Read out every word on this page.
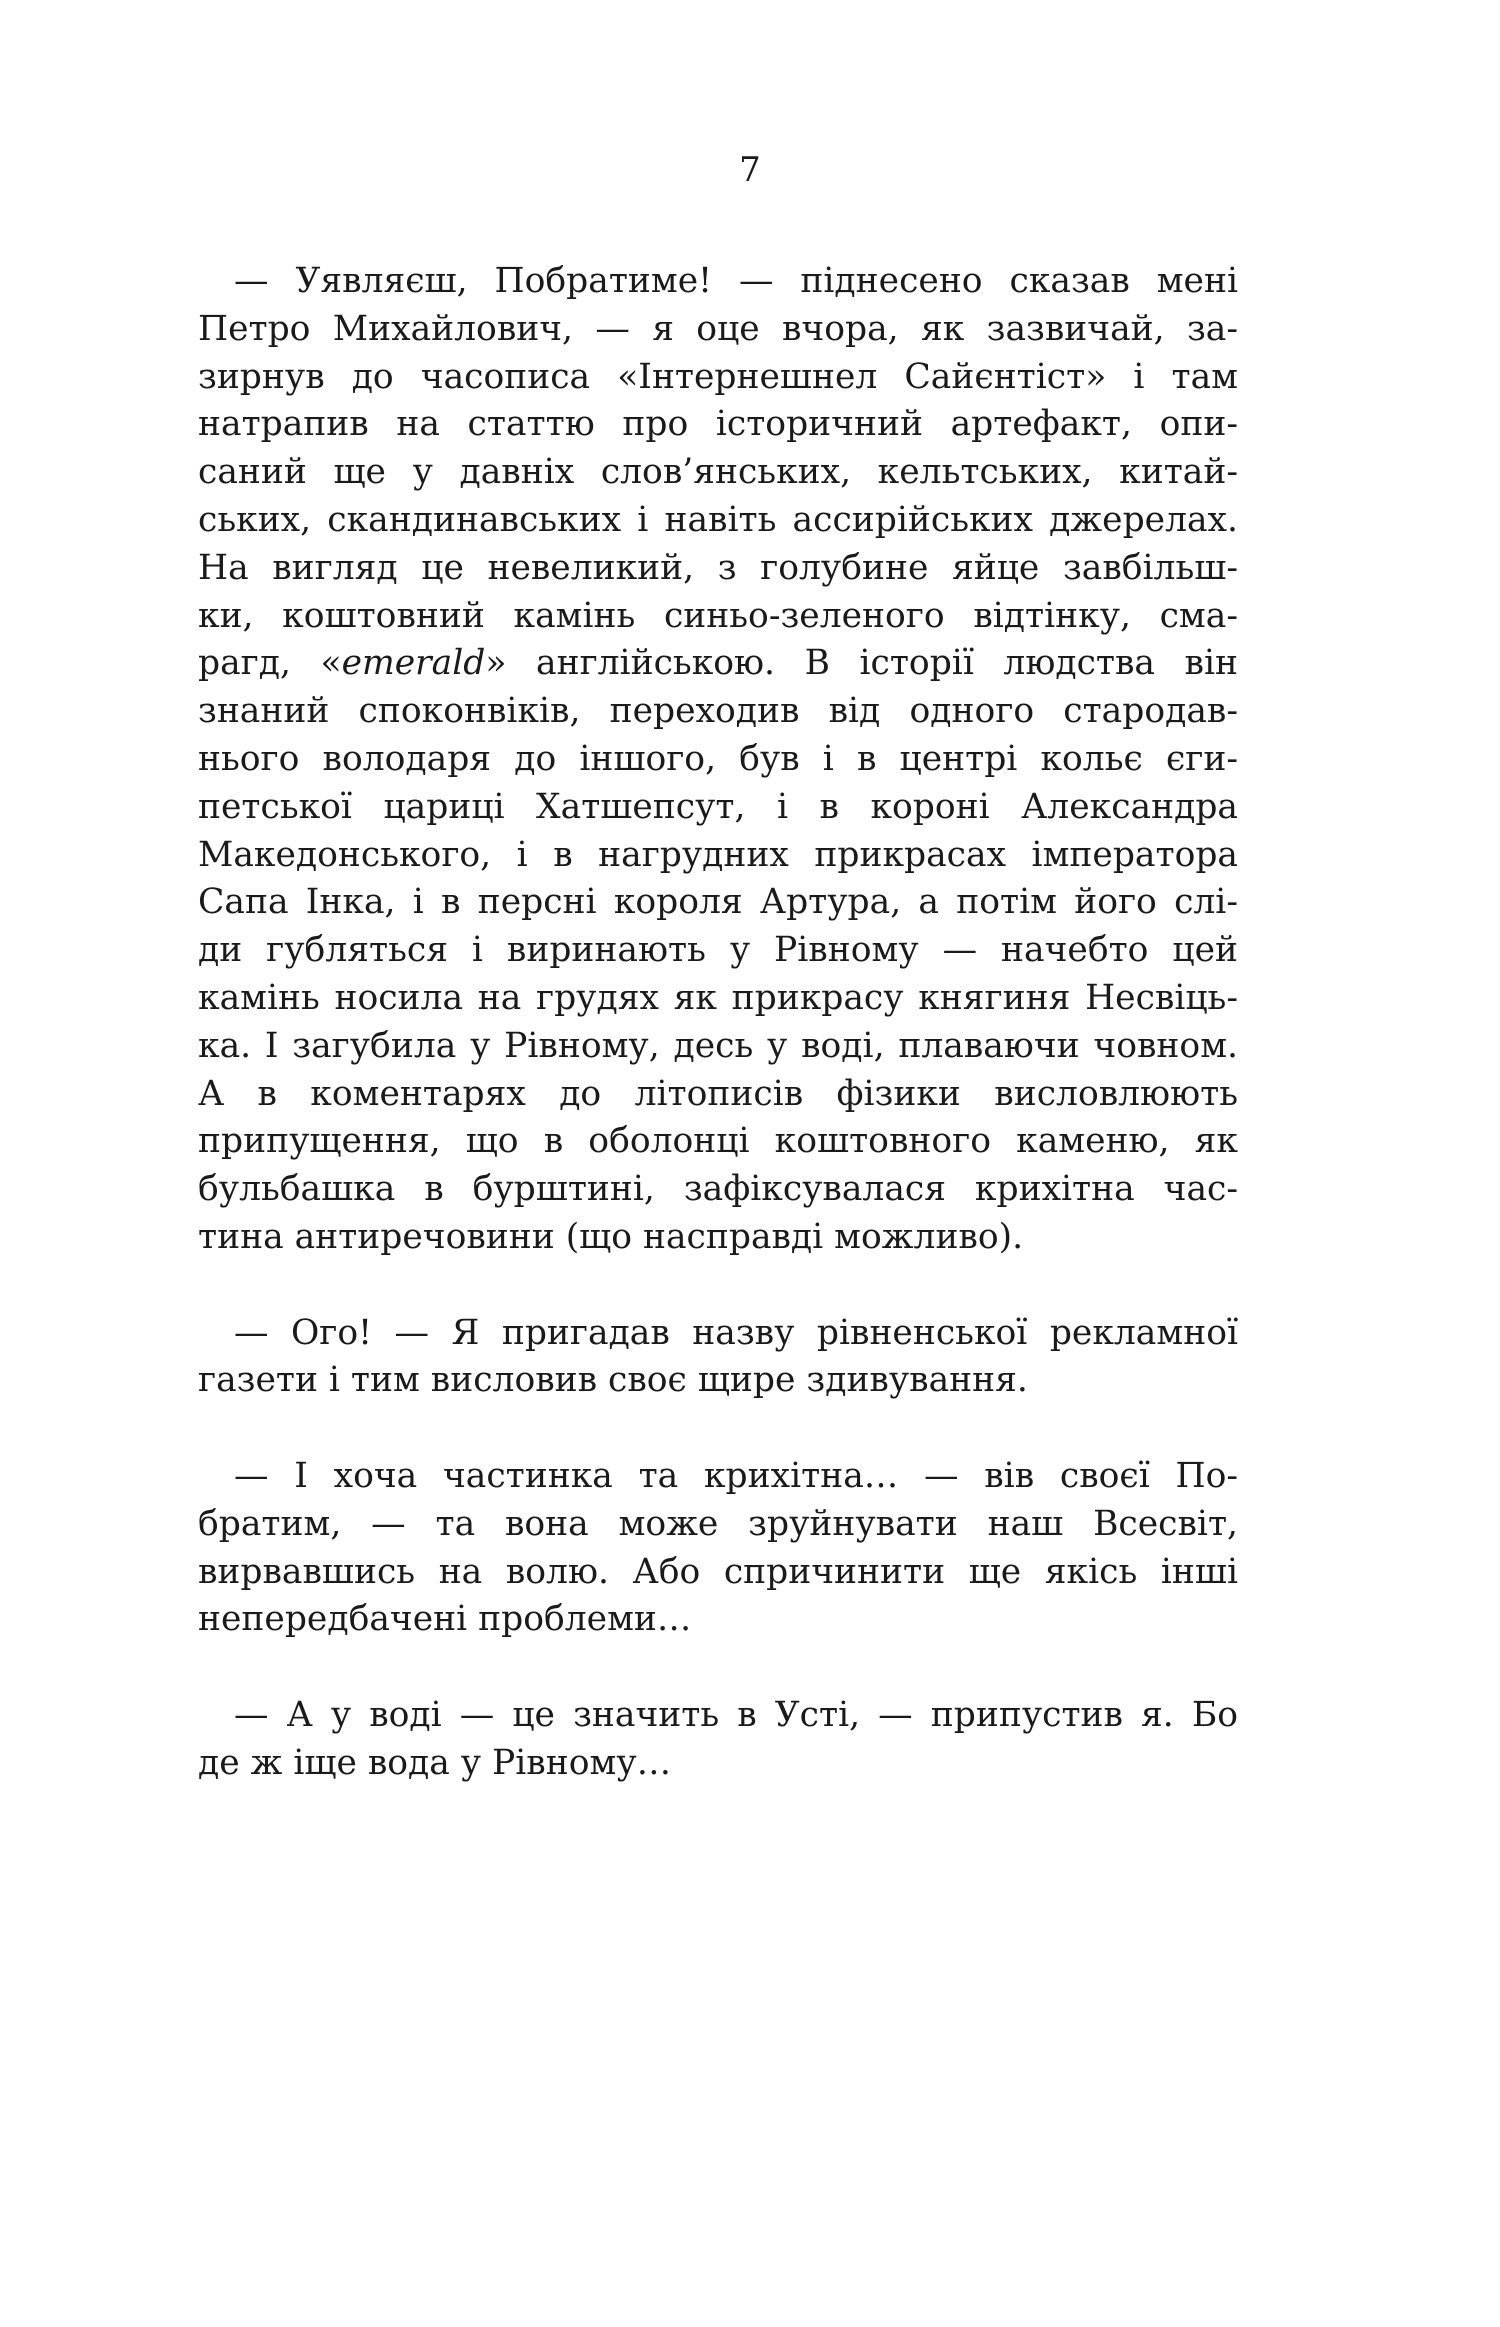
7

— Уявляєш, Побратиме! — піднесено сказав мені
Петро Михайлович, — я оце вчора, як зазвичай, за-
зирнув до часописа «Інтернешнел Сайєнтіст» і там
натрапив на статтю про історичний артефакт, опи-
саний ще у давніх слов’янських, кельтських, китай-
ських, скандинавських і навіть ассирійських джерелах.
На вигляд це невеликий, з голубине яйце завбільш-
ки, коштовний камінь синьо-зеленого відтінку, сма-
рагд, «emerald» англійською. В історії людства він
знаний споконвіків, переходив від одного стародав-
нього володаря до іншого, був і в центрі кольє єги-
петської цариці Хатшепсут, і в короні Александра
Македонського, і в нагрудних прикрасах імператора
Сапа Інка, і в персні короля Артура, а потім його слі-
ди губляться і виринають у Рівному — начебто цей
камінь носила на грудях як прикрасу княгиня Несвіць-
ка. І загубила у Рівному, десь у воді, плаваючи човном.
А в коментарях до літописів фізики висловлюють
припущення, що в оболонці коштовного каменю, як
бульбашка в бурштині, зафіксувалася крихітна час-
тина антиречовини (що насправді можливо).
— Ого! — Я пригадав назву рівненської рекламної
газети і тим висловив своє щире здивування.
— І хоча частинка та крихітна… — вів своєї По-
братим, — та вона може зруйнувати наш Всесвіт,
вирвавшись на волю. Або спричинити ще якісь інші
непередбачені проблеми…
— А у воді — це значить в Усті, — припустив я. Бо
де ж іще вода у Рівному…
